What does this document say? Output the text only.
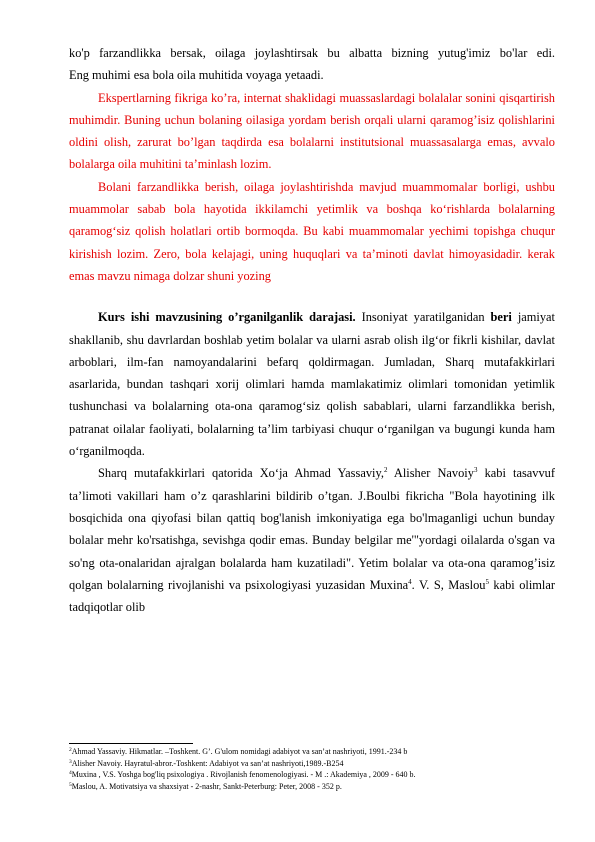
ko'p farzandlikka bersak, oilaga joylashtirsak bu albatta bizning yutug'imiz bo'lar edi.

Eng muhimi esa bola oila muhitida voyaga yetaadi.

Ekspertlarning fikriga ko’ra, internat shaklidagi muassaslardagi bolalalar sonini qisqartirish muhimdir. Buning uchun bolaning oilasiga yordam berish orqali ularni qaramog’isiz qolishlarini oldini olish, zarurat bo’lgan taqdirda esa bolalarni institutsional muassasalarga emas, avvalo bolalarga oila muhitini ta’minlash lozim.

Bolani farzandlikka berish, oilaga joylashtirishda mavjud muammomalar borligi, ushbu muammolar sabab bola hayotida ikkilamchi yetimlik va boshqa ko‘rishlarda bolalarning qaramog‘siz qolish holatlari ortib bormoqda. Bu kabi muammomalar yechimi topishga chuqur kirishish lozim. Zero, bola kelajagi, uning huquqlari va ta’minoti davlat himoyasidadir. kerak emas mavzu nimaga dolzar shuni yozing

Kurs ishi mavzusining o’rganilganlik darajasi. Insoniyat yaratilganidan beri jamiyat shakllanib, shu davrlardan boshlab yetim bolalar va ularni asrab olish ilg‘or fikrli kishilar, davlat arboblari, ilm-fan namoyandalarini befarq qoldirmagan. Jumladan, Sharq mutafakkirlari asarlarida, bundan tashqari xorij olimlari hamda mamlakatimiz olimlari tomonidan yetimlik tushunchasi va bolalarning ota-ona qaramog‘siz qolish sabablari, ularni farzandlikka berish, patranat oilalar faoliyati, bolalarning ta’lim tarbiyasi chuqur o‘rganilgan va bugungi kunda ham o‘rganilmoqda.

Sharq mutafakkirlari qatorida Xo‘ja Ahmad Yassaviy,$^2$ Alisher Navoiy$^3$ kabi tasavvuf ta’limoti vakillari ham o’z qarashlarini bildirib o’tgan. J.Boulbi fikricha "Bola hayotining ilk bosqichida ona qiyofasi bilan qattiq bog'lanish imkoniyatiga ega bo'lmaganligi uchun bunday bolalar mehr ko'rsatishga, sevishga qodir emas. Bunday belgilar me'"yordagi oilalarda o'sgan va so'ng ota-onalaridan ajralgan bolalarda ham kuzatiladi". Yetim bolalar va ota-ona qaramog’isiz qolgan bolalarning rivojlanishi va psixologiyasi yuzasidan Muxina$^4$. V. S, Maslou$^5$ kabi olimlar tadqiqotlar olib

$^2$Ahmad Yassaviy. Hikmatlar. –Toshkent. G’. G'ulom nomidagi adabiyot va san’at nashriyoti, 1991.-234 b
$^3$Alisher Navoiy. Hayratul-abror.-Toshkent: Adabiyot va san’at nashriyoti,1989.-B254
$^4$Muxina , V.S. Yoshga bog'liq psixologiya . Rivojlanish fenomenologiyasi. - M .: Akademiya , 2009 - 640 b.
$^5$Maslou, A. Motivatsiya va shaxsiyat - 2-nashr, Sankt-Peterburg: Peter, 2008 - 352 p.
